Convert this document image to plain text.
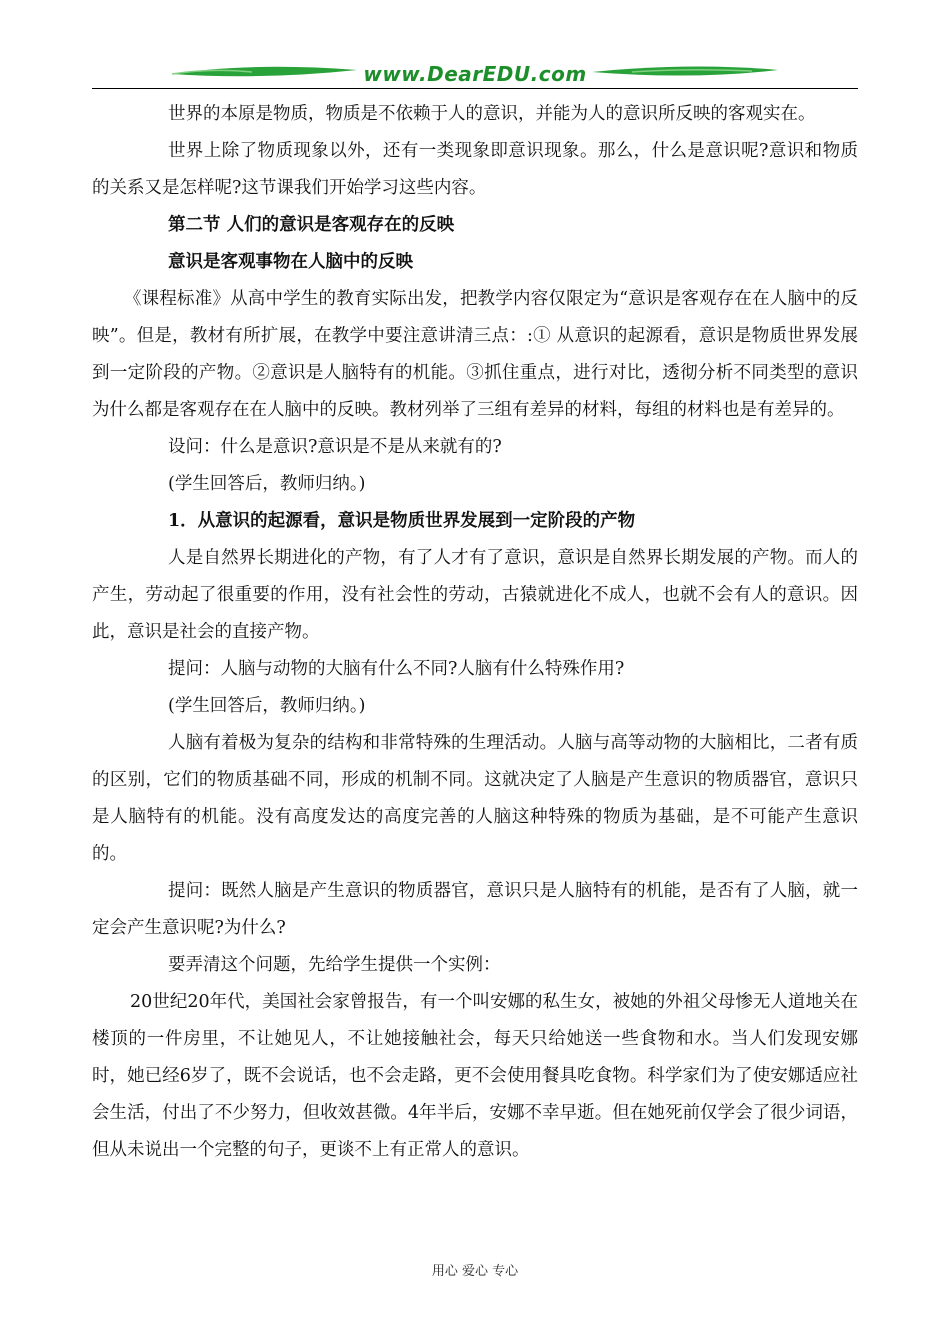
www.DearEDU.com

世界的本原是物质，物质是不依赖于人的意识，并能为人的意识所反映的客观实在。

世界上除了物质现象以外，还有一类现象即意识现象。那么，什么是意识呢?意识和物质的关系又是怎样呢?这节课我们开始学习这些内容。

第二节 人们的意识是客观存在的反映

意识是客观事物在人脑中的反映

《课程标准》从高中学生的教育实际出发，把教学内容仅限定为“意识是客观存在在人脑中的反映”。但是，教材有所扩展，在教学中要注意讲清三点：:① 从意识的起源看，意识是物质世界发展到一定阶段的产物。②意识是人脑特有的机能。③抓住重点，进行对比，透彻分析不同类型的意识为什么都是客观存在在人脑中的反映。教材列举了三组有差异的材料，每组的材料也是有差异的。

设问：什么是意识?意识是不是从来就有的?

(学生回答后，教师归纳。)

1．从意识的起源看，意识是物质世界发展到一定阶段的产物

人是自然界长期进化的产物，有了人才有了意识，意识是自然界长期发展的产物。而人的产生，劳动起了很重要的作用，没有社会性的劳动，古猿就进化不成人，也就不会有人的意识。因此，意识是社会的直接产物。

提问：人脑与动物的大脑有什么不同?人脑有什么特殊作用?

(学生回答后，教师归纳。)

人脑有着极为复杂的结构和非常特殊的生理活动。人脑与高等动物的大脑相比，二者有质的区别，它们的物质基础不同，形成的机制不同。这就决定了人脑是产生意识的物质器官，意识只是人脑特有的机能。没有高度发达的高度完善的人脑这种特殊的物质为基础，是不可能产生意识的。

提问：既然人脑是产生意识的物质器官，意识只是人脑特有的机能，是否有了人脑，就一定会产生意识呢?为什么?

要弄清这个问题，先给学生提供一个实例：

20世纪20年代，美国社会家曾报告，有一个叫安娜的私生女，被她的外祖父母惨无人道地关在楼顶的一件房里，不让她见人，不让她接触社会，每天只给她送一些食物和水。当人们发现安娜时，她已经6岁了，既不会说话，也不会走路，更不会使用餐具吃食物。科学家们为了使安娜适应社会生活，付出了不少努力，但收效甚微。4年半后，安娜不幸早逝。但在她死前仅学会了很少词语，但从未说出一个完整的句子，更谈不上有正常人的意识。

用心 爱心 专心
